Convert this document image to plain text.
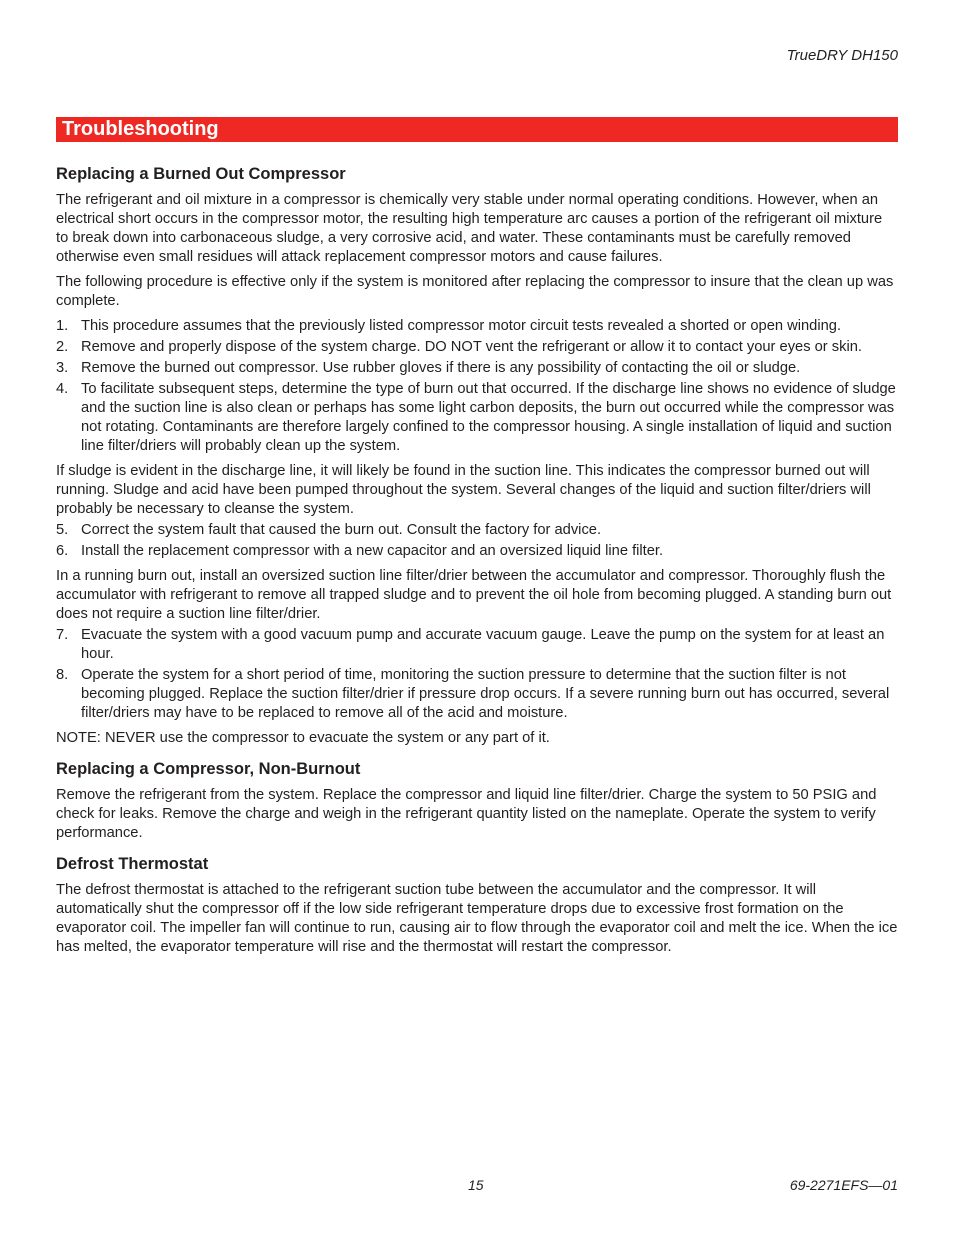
TrueDRY DH150
Troubleshooting
Replacing a Burned Out Compressor

The refrigerant and oil mixture in a compressor is chemically very stable under normal operating conditions. However, when an electrical short occurs in the compressor motor, the resulting high temperature arc causes a portion of the refrigerant oil mixture to break down into carbonaceous sludge, a very corrosive acid, and water. These contaminants must be carefully removed otherwise even small residues will attack replacement compressor motors and cause failures.

The following procedure is effective only if the system is monitored after replacing the compressor to insure that the clean up was complete.

1. This procedure assumes that the previously listed compressor motor circuit tests revealed a shorted or open winding.
2. Remove and properly dispose of the system charge. DO NOT vent the refrigerant or allow it to contact your eyes or skin.
3. Remove the burned out compressor. Use rubber gloves if there is any possibility of contacting the oil or sludge.
4. To facilitate subsequent steps, determine the type of burn out that occurred. If the discharge line shows no evidence of sludge and the suction line is also clean or perhaps has some light carbon deposits, the burn out occurred while the compressor was not rotating. Contaminants are therefore largely confined to the compressor housing. A single installation of liquid and suction line filter/driers will probably clean up the system.

If sludge is evident in the discharge line, it will likely be found in the suction line. This indicates the compressor burned out will running. Sludge and acid have been pumped throughout the system. Several changes of the liquid and suction filter/driers will probably be necessary to cleanse the system.

5. Correct the system fault that caused the burn out. Consult the factory for advice.
6. Install the replacement compressor with a new capacitor and an oversized liquid line filter.

In a running burn out, install an oversized suction line filter/drier between the accumulator and compressor. Thoroughly flush the accumulator with refrigerant to remove all trapped sludge and to prevent the oil hole from becoming plugged. A standing burn out does not require a suction line filter/drier.

7. Evacuate the system with a good vacuum pump and accurate vacuum gauge. Leave the pump on the system for at least an hour.
8. Operate the system for a short period of time, monitoring the suction pressure to determine that the suction filter is not becoming plugged. Replace the suction filter/drier if pressure drop occurs. If a severe running burn out has occurred, several filter/driers may have to be replaced to remove all of the acid and moisture.

NOTE: NEVER use the compressor to evacuate the system or any part of it.

Replacing a Compressor, Non-Burnout

Remove the refrigerant from the system. Replace the compressor and liquid line filter/drier. Charge the system to 50 PSIG and check for leaks. Remove the charge and weigh in the refrigerant quantity listed on the nameplate. Operate the system to verify performance.

Defrost Thermostat

The defrost thermostat is attached to the refrigerant suction tube between the accumulator and the compressor. It will automatically shut the compressor off if the low side refrigerant temperature drops due to excessive frost formation on the evaporator coil. The impeller fan will continue to run, causing air to flow through the evaporator coil and melt the ice. When the ice has melted, the evaporator temperature will rise and the thermostat will restart the compressor.

15	69-2271EFS—01
